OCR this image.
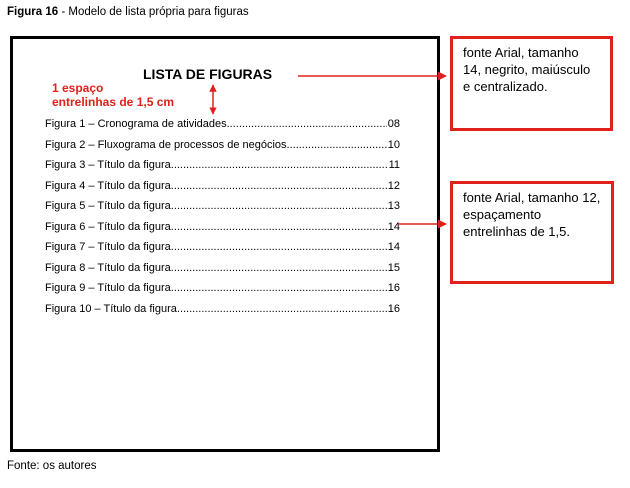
Figura 16 - Modelo de lista própria para figuras
LISTA DE FIGURAS
1 espaço
entrelinhas de 1,5 cm
Figura 1 – Cronograma de atividades .....	08
Figura 2 – Fluxograma de processos de negócios .....	10
Figura 3 – Título da figura .....	11
Figura 4 – Título da figura .....	12
Figura 5 – Título da figura .....	13
Figura 6 – Título da figura .....	14
Figura 7 – Título da figura .....	14
Figura 8 – Título da figura .....	15
Figura 9 – Título da figura .....	16
Figura 10 – Título da figura .....	16
fonte Arial, tamanho 14, negrito, maiúsculo e centralizado.
fonte Arial, tamanho 12, espaçamento entrelinhas de 1,5.
Fonte: os autores
